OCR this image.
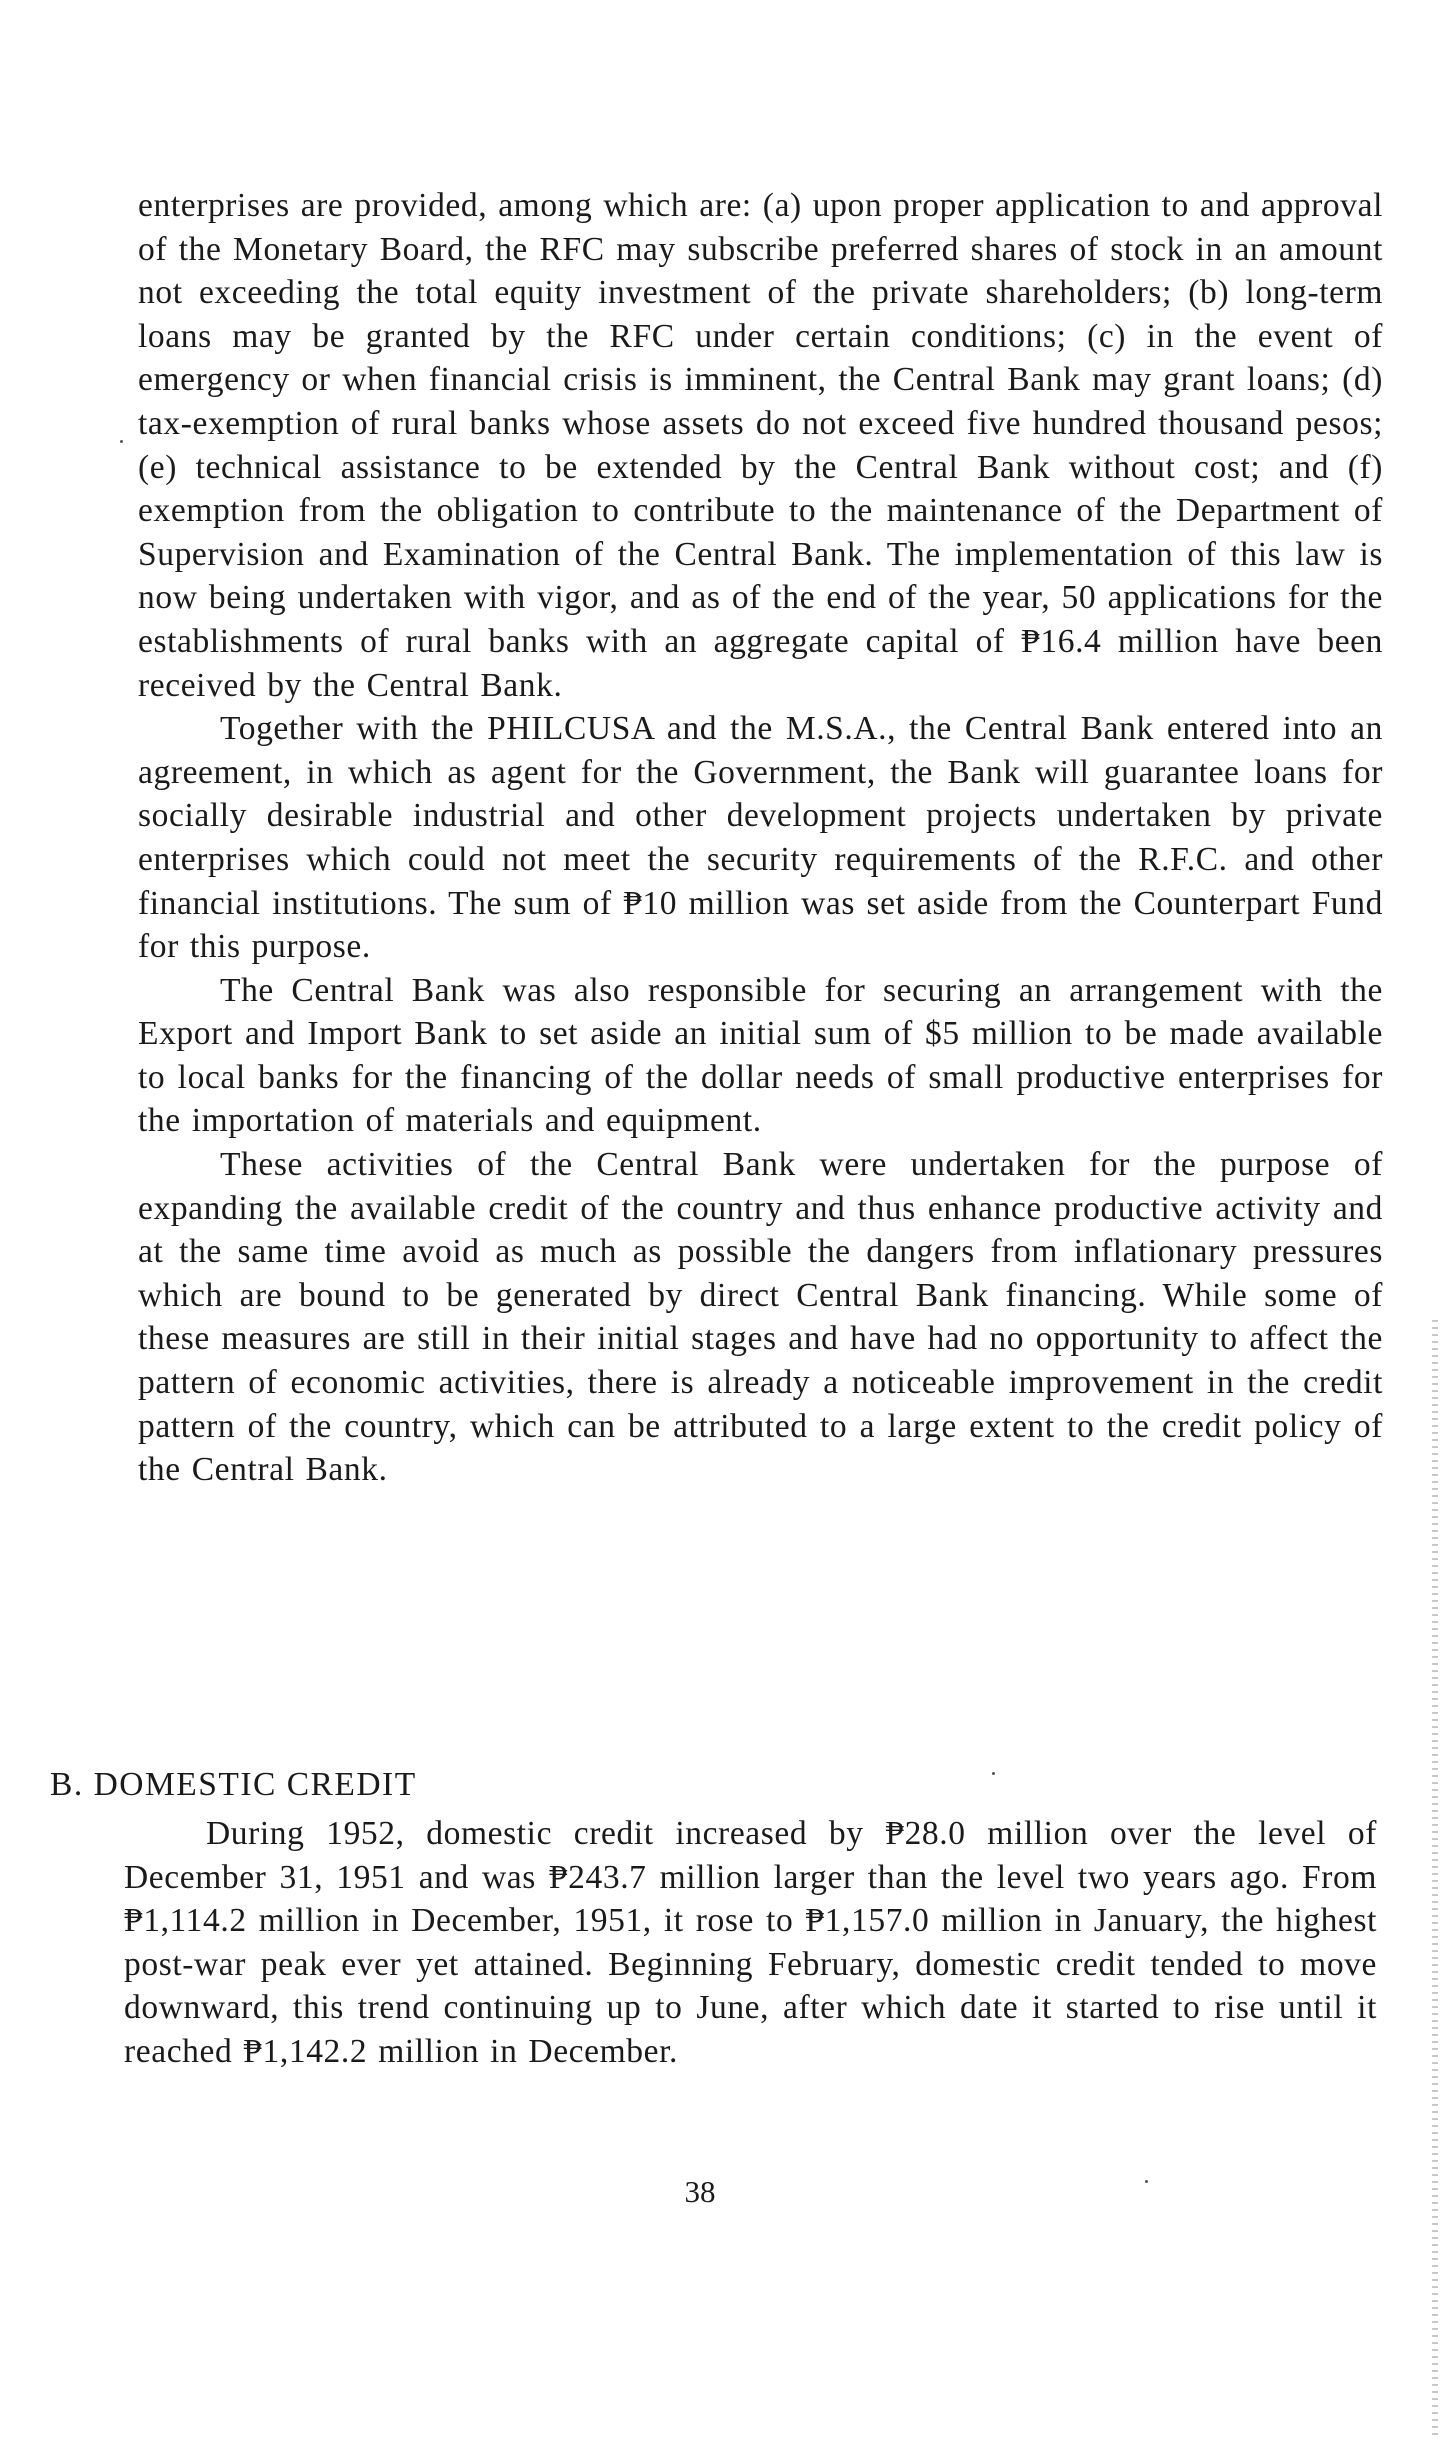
enterprises are provided, among which are: (a) upon proper application to and approval of the Monetary Board, the RFC may subscribe preferred shares of stock in an amount not exceeding the total equity investment of the private shareholders; (b) long-term loans may be granted by the RFC under certain conditions; (c) in the event of emergency or when financial crisis is imminent, the Central Bank may grant loans; (d) tax-exemption of rural banks whose assets do not exceed five hundred thousand pesos; (e) technical assistance to be extended by the Central Bank without cost; and (f) exemption from the obligation to contribute to the maintenance of the Department of Supervision and Examination of the Central Bank. The implementation of this law is now being undertaken with vigor, and as of the end of the year, 50 applications for the establishments of rural banks with an aggregate capital of ₱16.4 million have been received by the Central Bank.

Together with the PHILCUSA and the M.S.A., the Central Bank entered into an agreement, in which as agent for the Government, the Bank will guarantee loans for socially desirable industrial and other development projects undertaken by private enterprises which could not meet the security requirements of the R.F.C. and other financial institutions. The sum of ₱10 million was set aside from the Counterpart Fund for this purpose.

The Central Bank was also responsible for securing an arrangement with the Export and Import Bank to set aside an initial sum of $5 million to be made available to local banks for the financing of the dollar needs of small productive enterprises for the importation of materials and equipment.

These activities of the Central Bank were undertaken for the purpose of expanding the available credit of the country and thus enhance productive activity and at the same time avoid as much as possible the dangers from inflationary pressures which are bound to be generated by direct Central Bank financing. While some of these measures are still in their initial stages and have had no opportunity to affect the pattern of economic activities, there is already a noticeable improvement in the credit pattern of the country, which can be attributed to a large extent to the credit policy of the Central Bank.

B. DOMESTIC CREDIT

During 1952, domestic credit increased by ₱28.0 million over the level of December 31, 1951 and was ₱243.7 million larger than the level two years ago. From ₱1,114.2 million in December, 1951, it rose to ₱1,157.0 million in January, the highest post-war peak ever yet attained. Beginning February, domestic credit tended to move downward, this trend continuing up to June, after which date it started to rise until it reached ₱1,142.2 million in December.

38
